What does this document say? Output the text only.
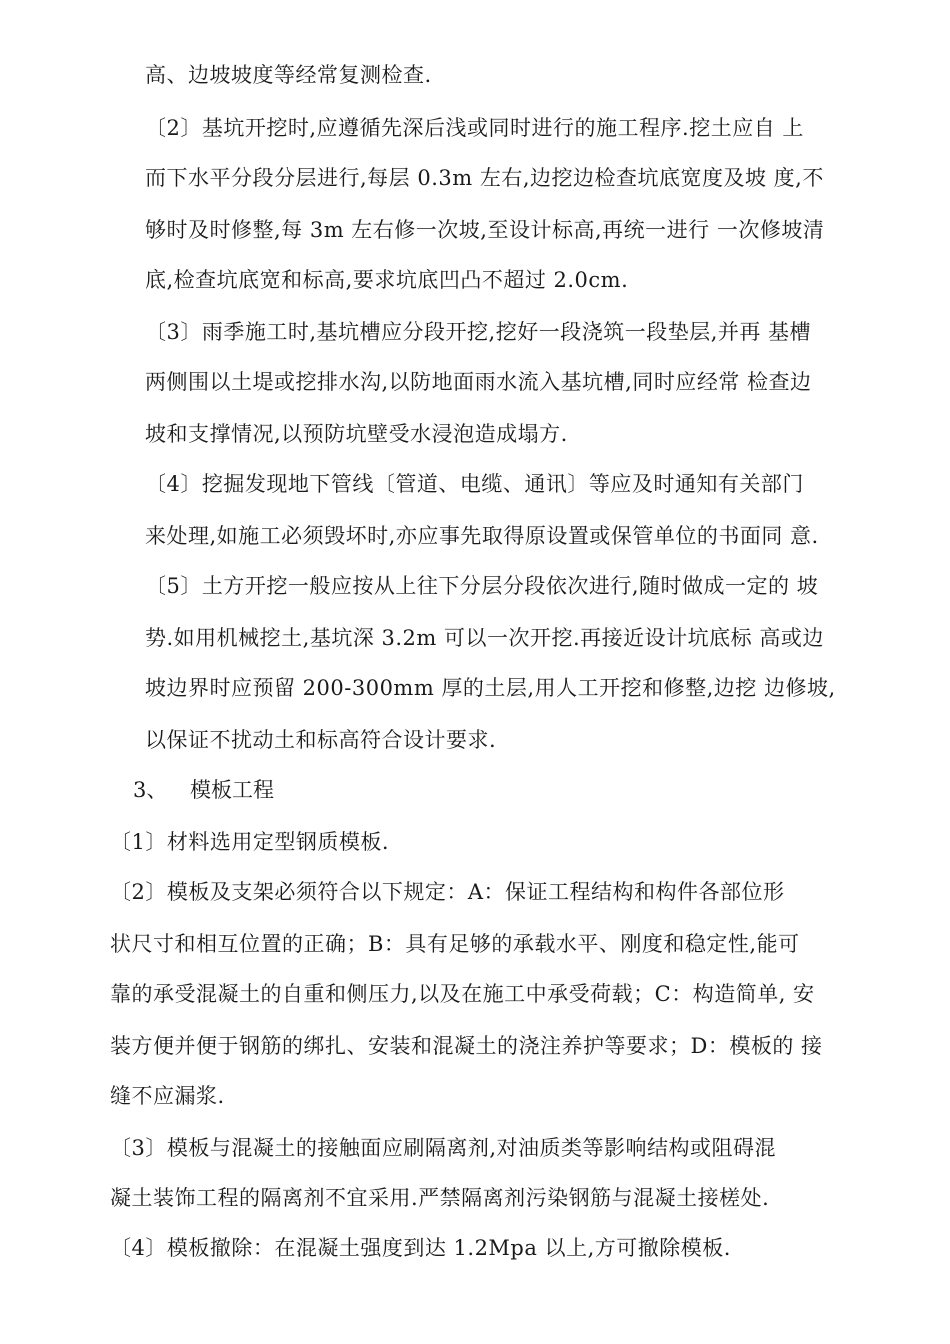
高、边坡坡度等经常复测检查.
〔2〕基坑开挖时,应遵循先深后浅或同时进行的施工程序.挖土应自 上
而下水平分段分层进行,每层 0.3m 左右,边挖边检查坑底宽度及坡 度,不
够时及时修整,每 3m 左右修一次坡,至设计标高,再统一进行 一次修坡清
底,检查坑底宽和标高,要求坑底凹凸不超过 2.0cm.
〔3〕雨季施工时,基坑槽应分段开挖,挖好一段浇筑一段垫层,并再 基槽
两侧围以土堤或挖排水沟,以防地面雨水流入基坑槽,同时应经常 检查边
坡和支撑情况,以预防坑壁受水浸泡造成塌方.
〔4〕挖掘发现地下管线〔管道、电缆、通讯〕等应及时通知有关部门
来处理,如施工必须毁坏时,亦应事先取得原设置或保管单位的书面同 意.
〔5〕土方开挖一般应按从上往下分层分段依次进行,随时做成一定的 坡
势.如用机械挖土,基坑深 3.2m 可以一次开挖.再接近设计坑底标 高或边
坡边界时应预留 200-300mm 厚的土层,用人工开挖和修整,边挖 边修坡,
以保证不扰动土和标高符合设计要求.
3、 模板工程
〔1〕材料选用定型钢质模板.
〔2〕模板及支架必须符合以下规定：A：保证工程结构和构件各部位形
状尺寸和相互位置的正确；B：具有足够的承载水平、刚度和稳定性,能可
靠的承受混凝土的自重和侧压力,以及在施工中承受荷载；C：构造简单, 安
装方便并便于钢筋的绑扎、安装和混凝土的浇注养护等要求；D：模板的 接
缝不应漏浆.
〔3〕模板与混凝土的接触面应刷隔离剂,对油质类等影响结构或阻碍混
凝土装饰工程的隔离剂不宜采用.严禁隔离剂污染钢筋与混凝土接槎处.
〔4〕模板撤除：在混凝土强度到达 1.2Mpa 以上,方可撤除模板.
